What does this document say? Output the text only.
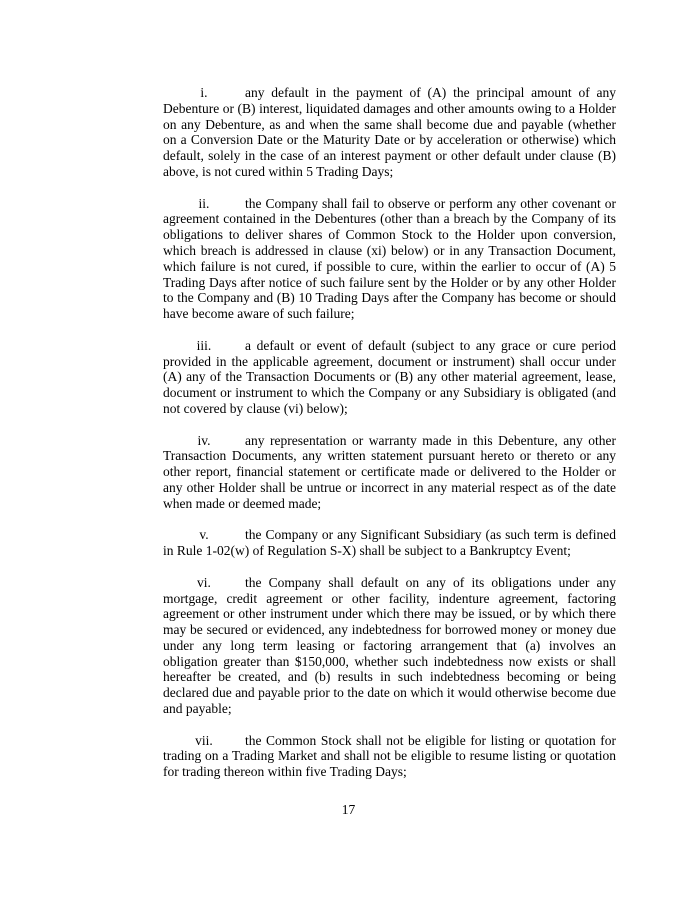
i.	any default in the payment of (A) the principal amount of any Debenture or (B) interest, liquidated damages and other amounts owing to a Holder on any Debenture, as and when the same shall become due and payable (whether on a Conversion Date or the Maturity Date or by acceleration or otherwise) which default, solely in the case of an interest payment or other default under clause (B) above, is not cured within 5 Trading Days;

ii.	the Company shall fail to observe or perform any other covenant or agreement contained in the Debentures (other than a breach by the Company of its obligations to deliver shares of Common Stock to the Holder upon conversion, which breach is addressed in clause (xi) below) or in any Transaction Document, which failure is not cured, if possible to cure, within the earlier to occur of (A) 5 Trading Days after notice of such failure sent by the Holder or by any other Holder to the Company and (B) 10 Trading Days after the Company has become or should have become aware of such failure;

iii. a default or event of default (subject to any grace or cure period provided in the applicable agreement, document or instrument) shall occur under (A) any of the Transaction Documents or (B) any other material agreement, lease, document or instrument to which the Company or any Subsidiary is obligated (and not covered by clause (vi) below);

iv.	any representation or warranty made in this Debenture, any other Transaction Documents, any written statement pursuant hereto or thereto or any other report, financial statement or certificate made or delivered to the Holder or any other Holder shall be untrue or incorrect in any material respect as of the date when made or deemed made;

v.	the Company or any Significant Subsidiary (as such term is defined in Rule 1-02(w) of Regulation S-X) shall be subject to a Bankruptcy Event;

vi.	the Company shall default on any of its obligations under any mortgage, credit agreement or other facility, indenture agreement, factoring agreement or other instrument under which there may be issued, or by which there may be secured or evidenced, any indebtedness for borrowed money or money due under any long term leasing or factoring arrangement that (a) involves an obligation greater than $150,000, whether such indebtedness now exists or shall hereafter be created, and (b) results in such indebtedness becoming or being declared due and payable prior to the date on which it would otherwise become due and payable;

vii. the Common Stock shall not be eligible for listing or quotation for trading on a Trading Market and shall not be eligible to resume listing or quotation for trading thereon within five Trading Days;

17
